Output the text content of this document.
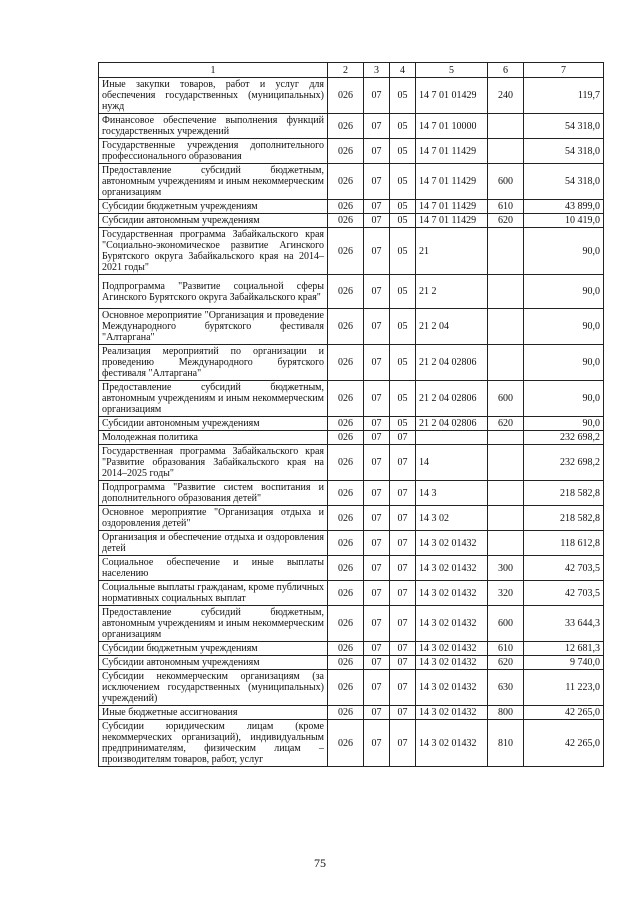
1	2	3	4	5	6	7
Иные закупки товаров, работ и услуг для обеспечения государственных (муниципальных) нужд	026	07	05	14 7 01 01429	240	119,7
Финансовое обеспечение выполнения функций государственных учреждений	026	07	05	14 7 01 10000		54 318,0
Государственные учреждения дополнительного профессионального образования	026	07	05	14 7 01 11429		54 318,0
Предоставление субсидий бюджетным, автономным учреждениям и иным некоммерческим организациям	026	07	05	14 7 01 11429	600	54 318,0
Субсидии бюджетным учреждениям	026	07	05	14 7 01 11429	610	43 899,0
Субсидии автономным учреждениям	026	07	05	14 7 01 11429	620	10 419,0
Государственная программа Забайкальского края "Социально-экономическое развитие Агинского Бурятского округа Забайкальского края на 2014–2021 годы"	026	07	05	21		90,0
Подпрограмма "Развитие социальной сферы Агинского Бурятского округа Забайкальского края"	026	07	05	21 2		90,0
Основное мероприятие "Организация и проведение Международного бурятского фестиваля "Алтаргана"	026	07	05	21 2 04		90,0
Реализация мероприятий по организации и проведению Международного бурятского фестиваля "Алтаргана"	026	07	05	21 2 04 02806		90,0
Предоставление субсидий бюджетным, автономным учреждениям и иным некоммерческим организациям	026	07	05	21 2 04 02806	600	90,0
Субсидии автономным учреждениям	026	07	05	21 2 04 02806	620	90,0
Молодежная политика	026	07	07			232 698,2
Государственная программа Забайкальского края "Развитие образования Забайкальского края на 2014–2025 годы"	026	07	07	14		232 698,2
Подпрограмма "Развитие систем воспитания и дополнительного образования детей"	026	07	07	14 3		218 582,8
Основное мероприятие "Организация отдыха и оздоровления детей"	026	07	07	14 3 02		218 582,8
Организация и обеспечение отдыха и оздоровления детей	026	07	07	14 3 02 01432		118 612,8
Социальное обеспечение и иные выплаты населению	026	07	07	14 3 02 01432	300	42 703,5
Социальные выплаты гражданам, кроме публичных нормативных социальных выплат	026	07	07	14 3 02 01432	320	42 703,5
Предоставление субсидий бюджетным, автономным учреждениям и иным некоммерческим организациям	026	07	07	14 3 02 01432	600	33 644,3
Субсидии бюджетным учреждениям	026	07	07	14 3 02 01432	610	12 681,3
Субсидии автономным учреждениям	026	07	07	14 3 02 01432	620	9 740,0
Субсидии некоммерческим организациям (за исключением государственных (муниципальных) учреждений)	026	07	07	14 3 02 01432	630	11 223,0
Иные бюджетные ассигнования	026	07	07	14 3 02 01432	800	42 265,0
Субсидии юридическим лицам (кроме некоммерческих организаций), индивидуальным предпринимателям, физическим лицам – производителям товаров, работ, услуг	026	07	07	14 3 02 01432	810	42 265,0
75
